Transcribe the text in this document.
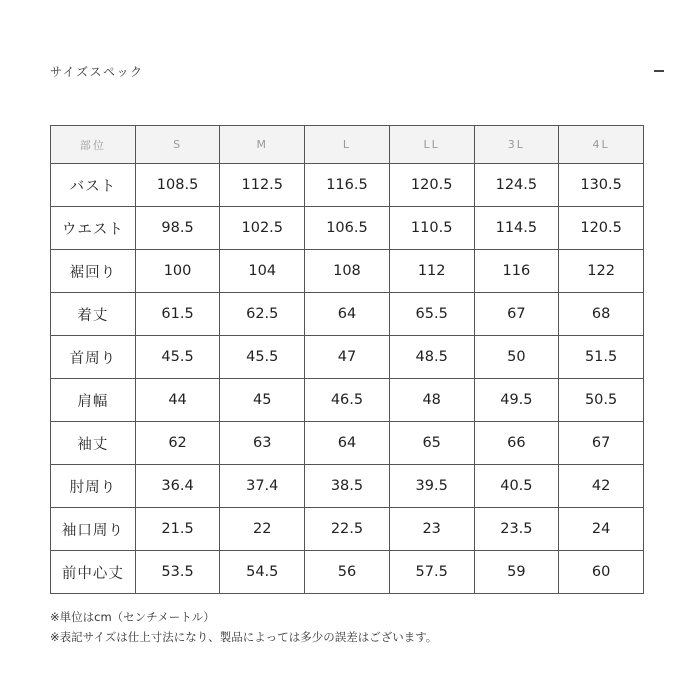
サイズスペック
部位	S	M	L	LL	3L	4L
バスト	108.5	112.5	116.5	120.5	124.5	130.5
ウエスト	98.5	102.5	106.5	110.5	114.5	120.5
裾回り	100	104	108	112	116	122
着丈	61.5	62.5	64	65.5	67	68
首周り	45.5	45.5	47	48.5	50	51.5
肩幅	44	45	46.5	48	49.5	50.5
袖丈	62	63	64	65	66	67
肘周り	36.4	37.4	38.5	39.5	40.5	42
袖口周り	21.5	22	22.5	23	23.5	24
前中心丈	53.5	54.5	56	57.5	59	60

※単位はcm（センチメートル）

※表記サイズは仕上寸法になり、製品によっては多少の誤差はございます。
